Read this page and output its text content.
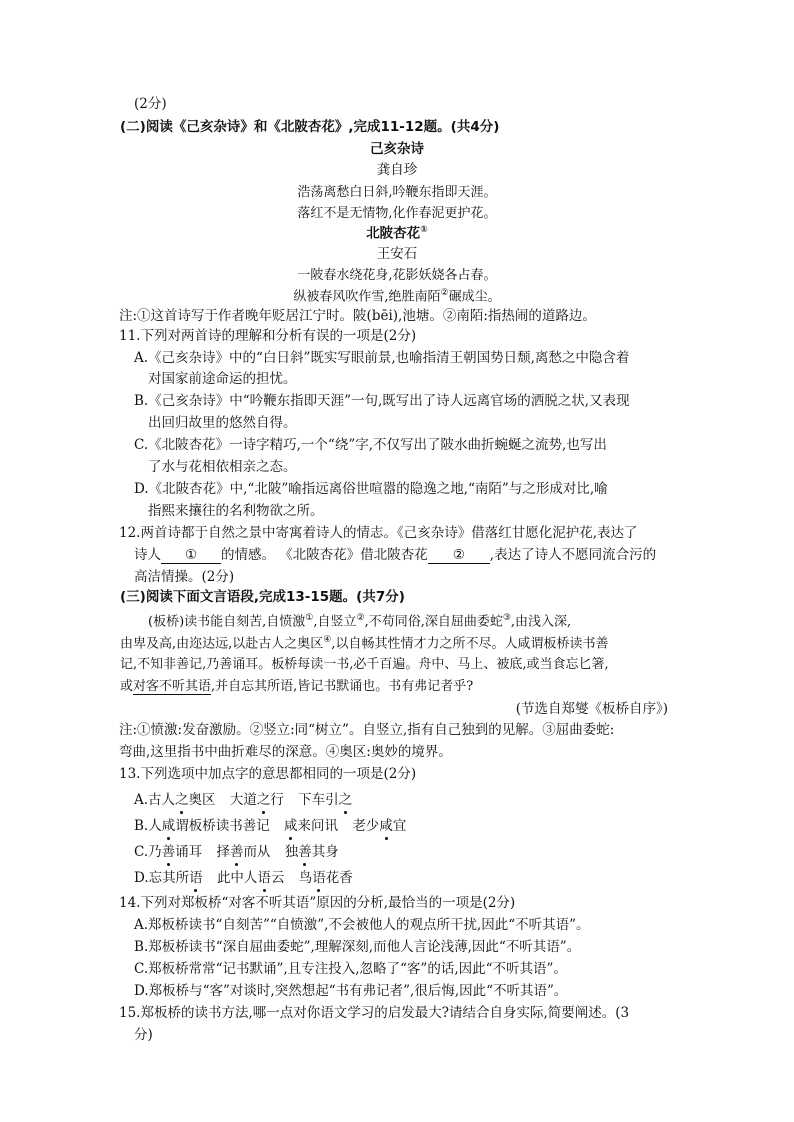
(2分)
(二)阅读《己亥杂诗》和《北陂杏花》,完成11-12题。(共4分)
己亥杂诗
龚自珍
浩荡离愁白日斜,吟鞭东指即天涯。
落红不是无情物,化作春泥更护花。
北陂杏花①
王安石
一陂春水绕花身,花影妖娆各占春。
纵被春风吹作雪,绝胜南陌②碾成尘。
注:①这首诗写于作者晚年贬居江宁时。陂(bēi),池塘。②南陌:指热闹的道路边。
11.下列对两首诗的理解和分析有误的一项是(2分)
A.《己亥杂诗》中的“白日斜”既实写眼前景,也喻指清王朝国势日颓,离愁之中隐含着
对国家前途命运的担忧。
B.《己亥杂诗》中“吟鞭东指即天涯”一句,既写出了诗人远离官场的洒脱之状,又表现
出回归故里的悠然自得。
C.《北陂杏花》一诗字精巧,一个“绕”字,不仅写出了陂水曲折蜿蜒之流势,也写出
了水与花相依相亲之态。
D.《北陂杏花》中,“北陂”喻指远离俗世喧嚣的隐逸之地,“南陌”与之形成对比,喻
指熙来攘往的名利物欲之所。
12.两首诗都于自然之景中寄寓着诗人的情志。《己亥杂诗》借落红甘愿化泥护花,表达了
诗人 ① 的情感。 《北陂杏花》借北陂杏花 ② ,表达了诗人不愿同流合污的
高洁情操。(2分)
(三)阅读下面文言语段,完成13-15题。(共7分)
(板桥)读书能自刻苦,自愤激①,自竖立②,不苟同俗,深自屈曲委蛇③,由浅入深,
由卑及高,由迩达远,以赴古人之奥区④,以自畅其性情才力之所不尽。人咸谓板桥读书善
记,不知非善记,乃善诵耳。板桥每读一书,必千百遍。舟中、马上、被底,或当食忘匕箸,
或对客不听其语,并自忘其所语,皆记书默诵也。书有弗记者乎?
(节选自郑燮《板桥自序》)
注:①愤激:发奋激励。②竖立:同“树立”。自竖立,指有自己独到的见解。③屈曲委蛇:
弯曲,这里指书中曲折难尽的深意。④奥区:奥妙的境界。
13.下列选项中加点字的意思都相同的一项是(2分)
A.古人之奥区 大道之行 下车引之
B.人咸谓板桥读书善记 咸来问讯 老少咸宜
C.乃善诵耳 择善而从 独善其身
D.忘其所语 此中人语云 鸟语花香
14.下列对郑板桥“对客不听其语”原因的分析,最恰当的一项是(2分)
A.郑板桥读书“自刻苦”“自愤激”,不会被他人的观点所干扰,因此“不听其语”。
B.郑板桥读书“深自屈曲委蛇”,理解深刻,而他人言论浅薄,因此“不听其语”。
C.郑板桥常常“记书默诵”,且专注投入,忽略了“客”的话,因此“不听其语”。
D.郑板桥与“客”对谈时,突然想起“书有弗记者”,很后悔,因此“不听其语”。
15.郑板桥的读书方法,哪一点对你语文学习的启发最大?请结合自身实际,简要阐述。(3
分)
